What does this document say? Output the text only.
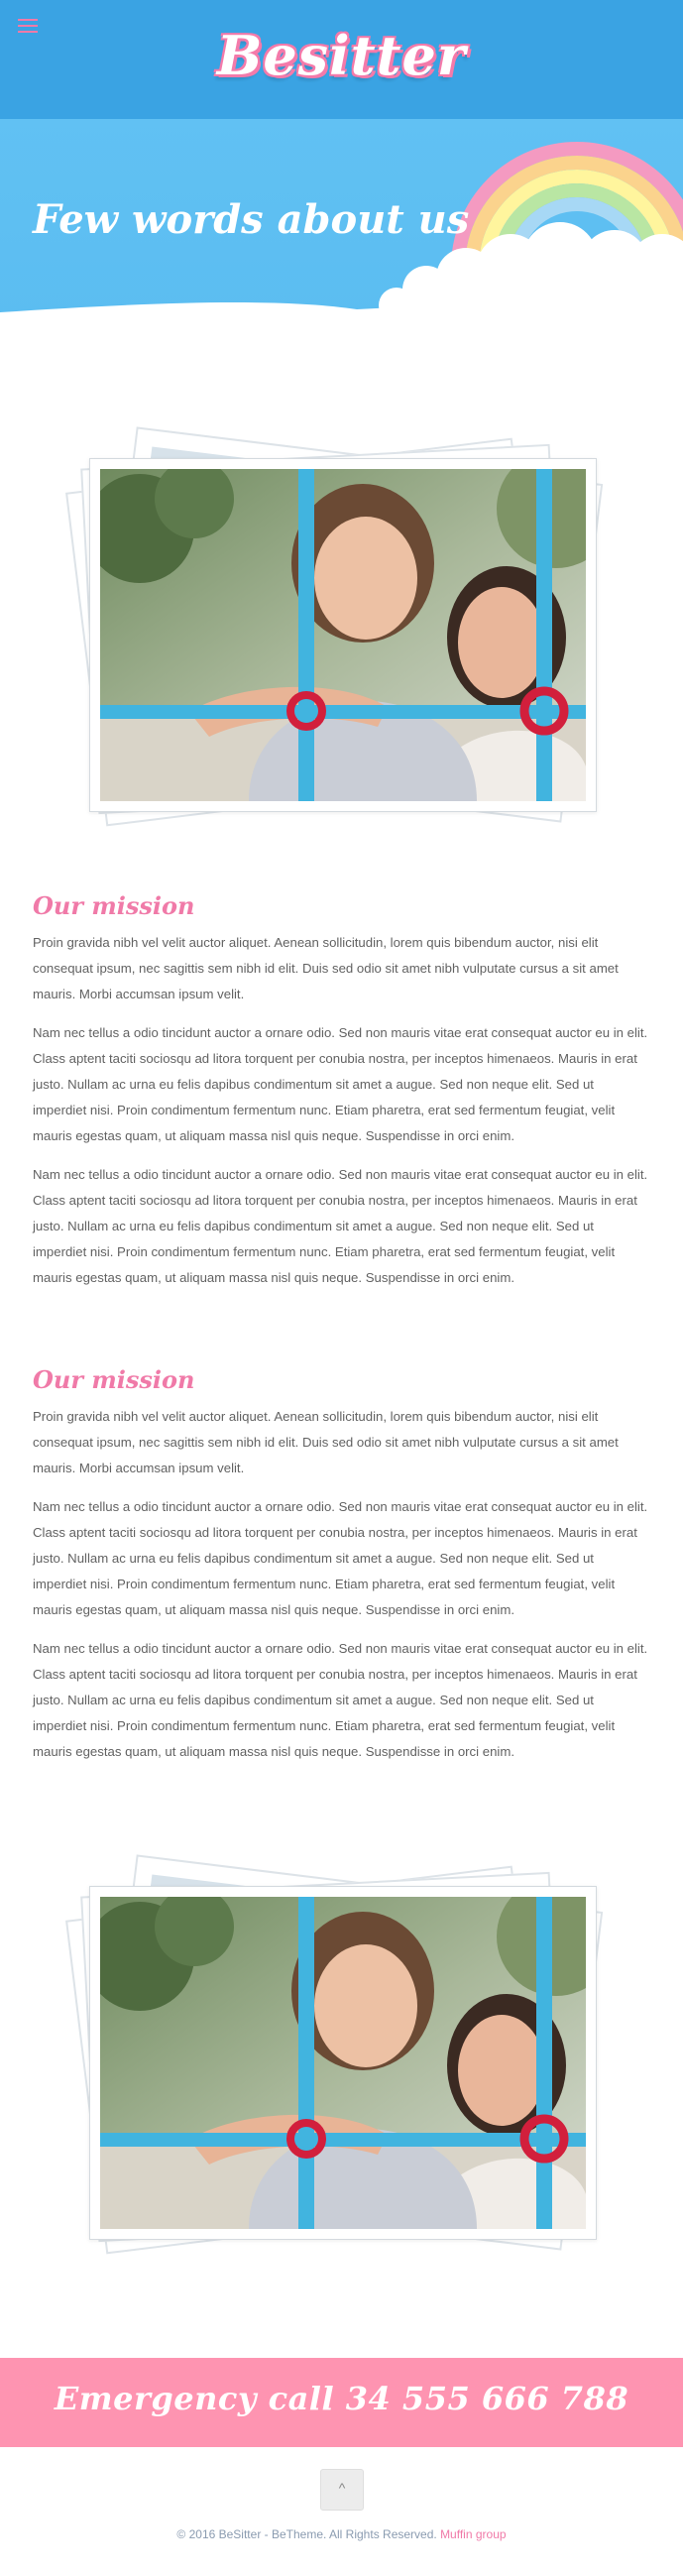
Besitter
Few words about us
Our mission

Proin gravida nibh vel velit auctor aliquet. Aenean sollicitudin, lorem quis bibendum auctor, nisi elit consequat ipsum, nec sagittis sem nibh id elit. Duis sed odio sit amet nibh vulputate cursus a sit amet mauris. Morbi accumsan ipsum velit.

Nam nec tellus a odio tincidunt auctor a ornare odio. Sed non mauris vitae erat consequat auctor eu in elit. Class aptent taciti sociosqu ad litora torquent per conubia nostra, per inceptos himenaeos. Mauris in erat justo. Nullam ac urna eu felis dapibus condimentum sit amet a augue. Sed non neque elit. Sed ut imperdiet nisi. Proin condimentum fermentum nunc. Etiam pharetra, erat sed fermentum feugiat, velit mauris egestas quam, ut aliquam massa nisl quis neque. Suspendisse in orci enim.

Nam nec tellus a odio tincidunt auctor a ornare odio. Sed non mauris vitae erat consequat auctor eu in elit. Class aptent taciti sociosqu ad litora torquent per conubia nostra, per inceptos himenaeos. Mauris in erat justo. Nullam ac urna eu felis dapibus condimentum sit amet a augue. Sed non neque elit. Sed ut imperdiet nisi. Proin condimentum fermentum nunc. Etiam pharetra, erat sed fermentum feugiat, velit mauris egestas quam, ut aliquam massa nisl quis neque. Suspendisse in orci enim.

Our mission

Proin gravida nibh vel velit auctor aliquet. Aenean sollicitudin, lorem quis bibendum auctor, nisi elit consequat ipsum, nec sagittis sem nibh id elit. Duis sed odio sit amet nibh vulputate cursus a sit amet mauris. Morbi accumsan ipsum velit.

Nam nec tellus a odio tincidunt auctor a ornare odio. Sed non mauris vitae erat consequat auctor eu in elit. Class aptent taciti sociosqu ad litora torquent per conubia nostra, per inceptos himenaeos. Mauris in erat justo. Nullam ac urna eu felis dapibus condimentum sit amet a augue. Sed non neque elit. Sed ut imperdiet nisi. Proin condimentum fermentum nunc. Etiam pharetra, erat sed fermentum feugiat, velit mauris egestas quam, ut aliquam massa nisl quis neque. Suspendisse in orci enim.

Nam nec tellus a odio tincidunt auctor a ornare odio. Sed non mauris vitae erat consequat auctor eu in elit. Class aptent taciti sociosqu ad litora torquent per conubia nostra, per inceptos himenaeos. Mauris in erat justo. Nullam ac urna eu felis dapibus condimentum sit amet a augue. Sed non neque elit. Sed ut imperdiet nisi. Proin condimentum fermentum nunc. Etiam pharetra, erat sed fermentum feugiat, velit mauris egestas quam, ut aliquam massa nisl quis neque. Suspendisse in orci enim.

Emergency call 34 555 666 788
^
© 2016 BeSitter - BeTheme. All Rights Reserved. Muffin group
